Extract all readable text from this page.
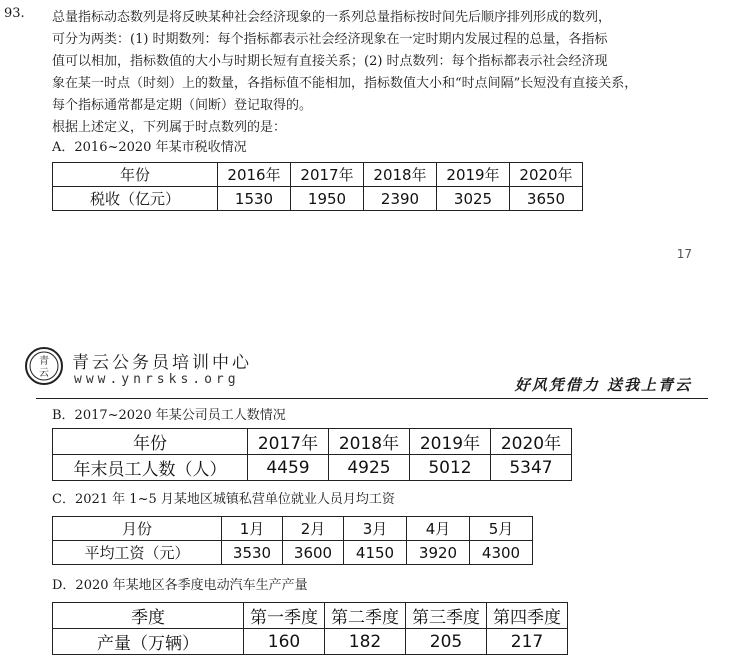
93. 总量指标动态数列是将反映某种社会经济现象的一系列总量指标按时间先后顺序排列形成的数列，
可分为两类：(1) 时期数列：每个指标都表示社会经济现象在一定时期内发展过程的总量，各指标
值可以相加，指标数值的大小与时期长短有直接关系；(2) 时点数列：每个指标都表示社会经济现
象在某一时点（时刻）上的数量，各指标值不能相加，指标数值大小和“时点间隔”长短没有直接关系，
每个指标通常都是定期（间断）登记取得的。
根据上述定义，下列属于时点数列的是：
A．2016~2020 年某市税收情况
年份	2016年	2017年	2018年	2019年	2020年
税收（亿元）	1530	1950	2390	3025	3650
17
青
云
青云公务员培训中心
www.ynrsks.org	好风凭借力 送我上青云
B．2017~2020 年某公司员工人数情况
年份	2017年	2018年	2019年	2020年
年末员工人数（人）	4459	4925	5012	5347
C．2021 年 1~5 月某地区城镇私营单位就业人员月均工资
月份	1月	2月	3月	4月	5月
平均工资（元）	3530	3600	4150	3920	4300
D．2020 年某地区各季度电动汽车生产产量
季度	第一季度	第二季度	第三季度	第四季度
产量（万辆）	160	182	205	217
